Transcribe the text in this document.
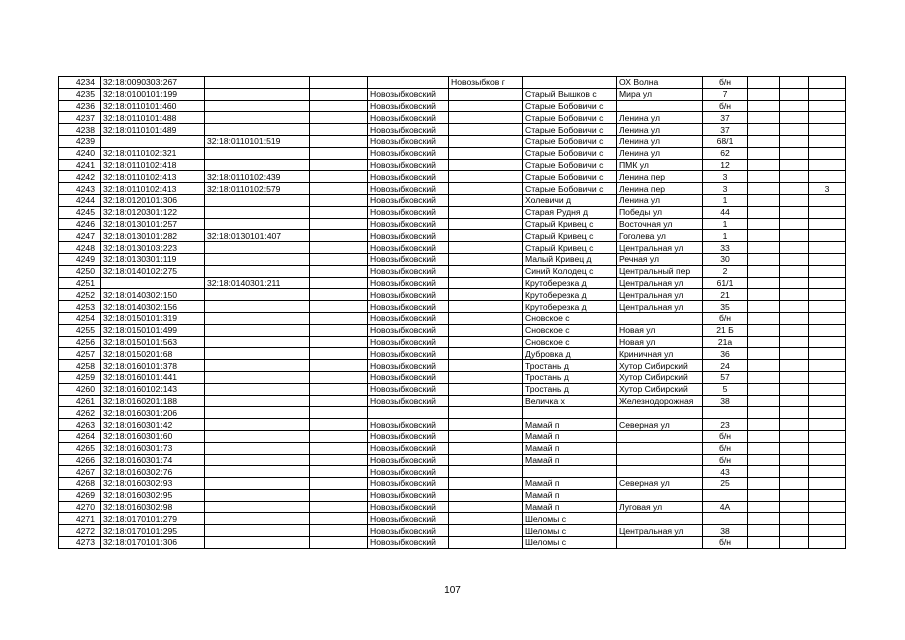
4234	32:18:0090303:267				Новозыбков г		ОХ Волна	б/н			
4235	32:18:0100101:199			Новозыбковский		Старый Вышков с	Мира ул	7			
4236	32:18:0110101:460			Новозыбковский		Старые Бобовичи с		б/н			
4237	32:18:0110101:488			Новозыбковский		Старые Бобовичи с	Ленина ул	37			
4238	32:18:0110101:489			Новозыбковский		Старые Бобовичи с	Ленина ул	37			
4239		32:18:0110101:519		Новозыбковский		Старые Бобовичи с	Ленина ул	68/1			
4240	32:18:0110102:321			Новозыбковский		Старые Бобовичи с	Ленина ул	62			
4241	32:18:0110102:418			Новозыбковский		Старые Бобовичи с	ПМК ул	12			
4242	32:18:0110102:413	32:18:0110102:439		Новозыбковский		Старые Бобовичи с	Ленина пер	3			
4243	32:18:0110102:413	32:18:0110102:579		Новозыбковский		Старые Бобовичи с	Ленина пер	3			3
4244	32:18:0120101:306			Новозыбковский		Холевичи д	Ленина ул	1			
4245	32:18:0120301:122			Новозыбковский		Старая Рудня д	Победы ул	44			
4246	32:18:0130101:257			Новозыбковский		Старый Кривец с	Восточная ул	1			
4247	32:18:0130101:282	32:18:0130101:407		Новозыбковский		Старый Кривец с	Гоголева ул	1			
4248	32:18:0130103:223			Новозыбковский		Старый Кривец с	Центральная ул	33			
4249	32:18:0130301:119			Новозыбковский		Малый Кривец д	Речная ул	30			
4250	32:18:0140102:275			Новозыбковский		Синий Колодец с	Центральный пер	2			
4251		32:18:0140301:211		Новозыбковский		Крутоберезка д	Центральная ул	61/1			
4252	32:18:0140302:150			Новозыбковский		Крутоберезка д	Центральная ул	21			
4253	32:18:0140302:156			Новозыбковский		Крутоберезка д	Центральная ул	35			
4254	32:18:0150101:319			Новозыбковский		Сновское с		б/н			
4255	32:18:0150101:499			Новозыбковский		Сновское с	Новая ул	21 Б			
4256	32:18:0150101:563			Новозыбковский		Сновское с	Новая ул	21а			
4257	32:18:0150201:68			Новозыбковский		Дубровка д	Криничная ул	36			
4258	32:18:0160101:378			Новозыбковский		Тростань д	Хутор Сибирский	24			
4259	32:18:0160101:441			Новозыбковский		Тростань д	Хутор Сибирский	57			
4260	32:18:0160102:143			Новозыбковский		Тростань д	Хутор Сибирский	5			
4261	32:18:0160201:188			Новозыбковский		Величка х	Железнодорожная	38			
4262	32:18:0160301:206										
4263	32:18:0160301:42			Новозыбковский		Мамай п	Северная ул	23			
4264	32:18:0160301:60			Новозыбковский		Мамай п		б/н			
4265	32:18:0160301:73			Новозыбковский		Мамай п		б/н			
4266	32:18:0160301:74			Новозыбковский		Мамай п		б/н			
4267	32:18:0160302:76			Новозыбковский				43			
4268	32:18:0160302:93			Новозыбковский		Мамай п	Северная ул	25			
4269	32:18:0160302:95			Новозыбковский		Мамай п					
4270	32:18:0160302:98			Новозыбковский		Мамай п	Луговая ул	4А			
4271	32:18:0170101:279			Новозыбковский		Шеломы с					
4272	32:18:0170101:295			Новозыбковский		Шеломы с	Центральная ул	38			
4273	32:18:0170101:306			Новозыбковский		Шеломы с		б/н			
107
